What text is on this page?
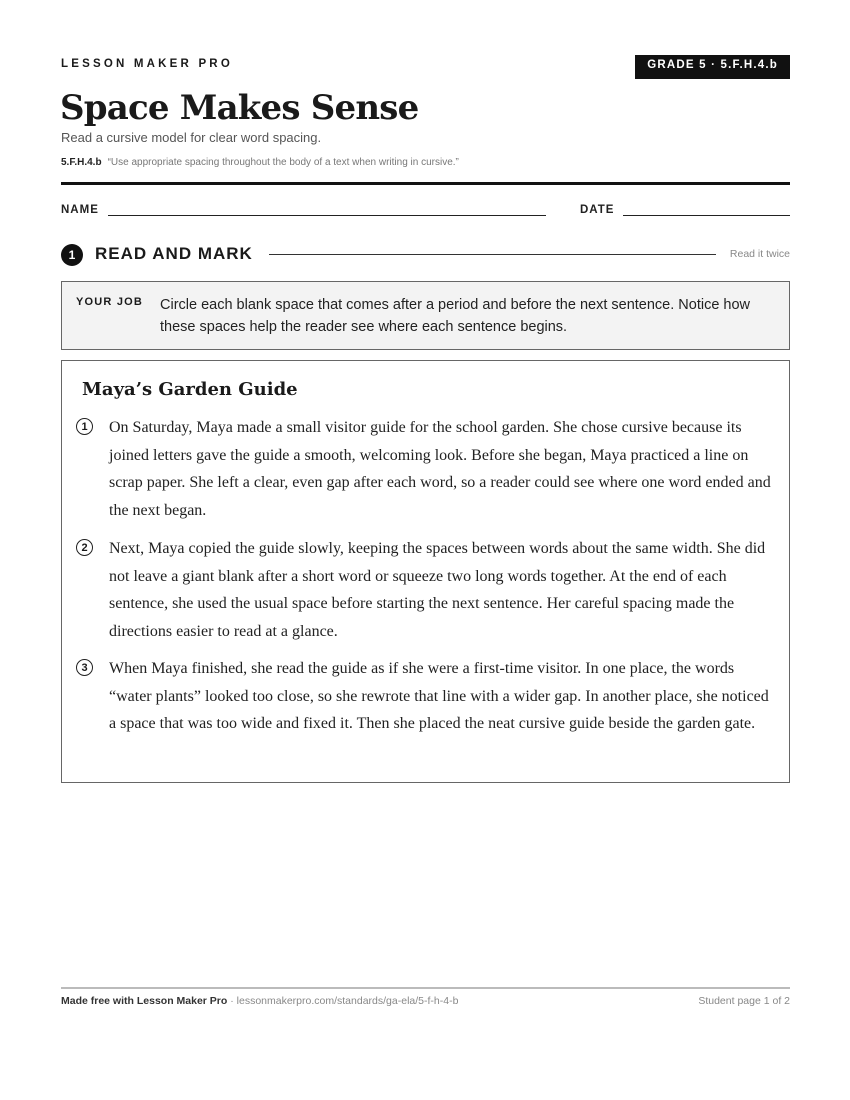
LESSON MAKER PRO	GRADE 5 · 5.F.H.4.b
Space Makes Sense
Read a cursive model for clear word spacing.
5.F.H.4.b “Use appropriate spacing throughout the body of a text when writing in cursive.”
NAME	DATE
1	READ AND MARK	Read it twice
YOUR JOB Circle each blank space that comes after a period and before the next sentence. Notice how these spaces help the reader see where each sentence begins.
Maya’s Garden Guide
1	On Saturday, Maya made a small visitor guide for the school garden. She chose cursive because its joined letters gave the guide a smooth, welcoming look. Before she began, Maya practiced a line on scrap paper. She left a clear, even gap after each word, so a reader could see where one word ended and the next began.

2	Next, Maya copied the guide slowly, keeping the spaces between words about the same width. She did not leave a giant blank after a short word or squeeze two long words together. At the end of each sentence, she used the usual space before starting the next sentence. Her careful spacing made the directions easier to read at a glance.

3	When Maya finished, she read the guide as if she were a first-time visitor. In one place, the words “water plants” looked too close, so she rewrote that line with a wider gap. In another place, she noticed a space that was too wide and fixed it. Then she placed the neat cursive guide beside the garden gate.

Made free with Lesson Maker Pro · lessonmakerpro.com/standards/ga-ela/5-f-h-4-b	Student page 1 of 2
